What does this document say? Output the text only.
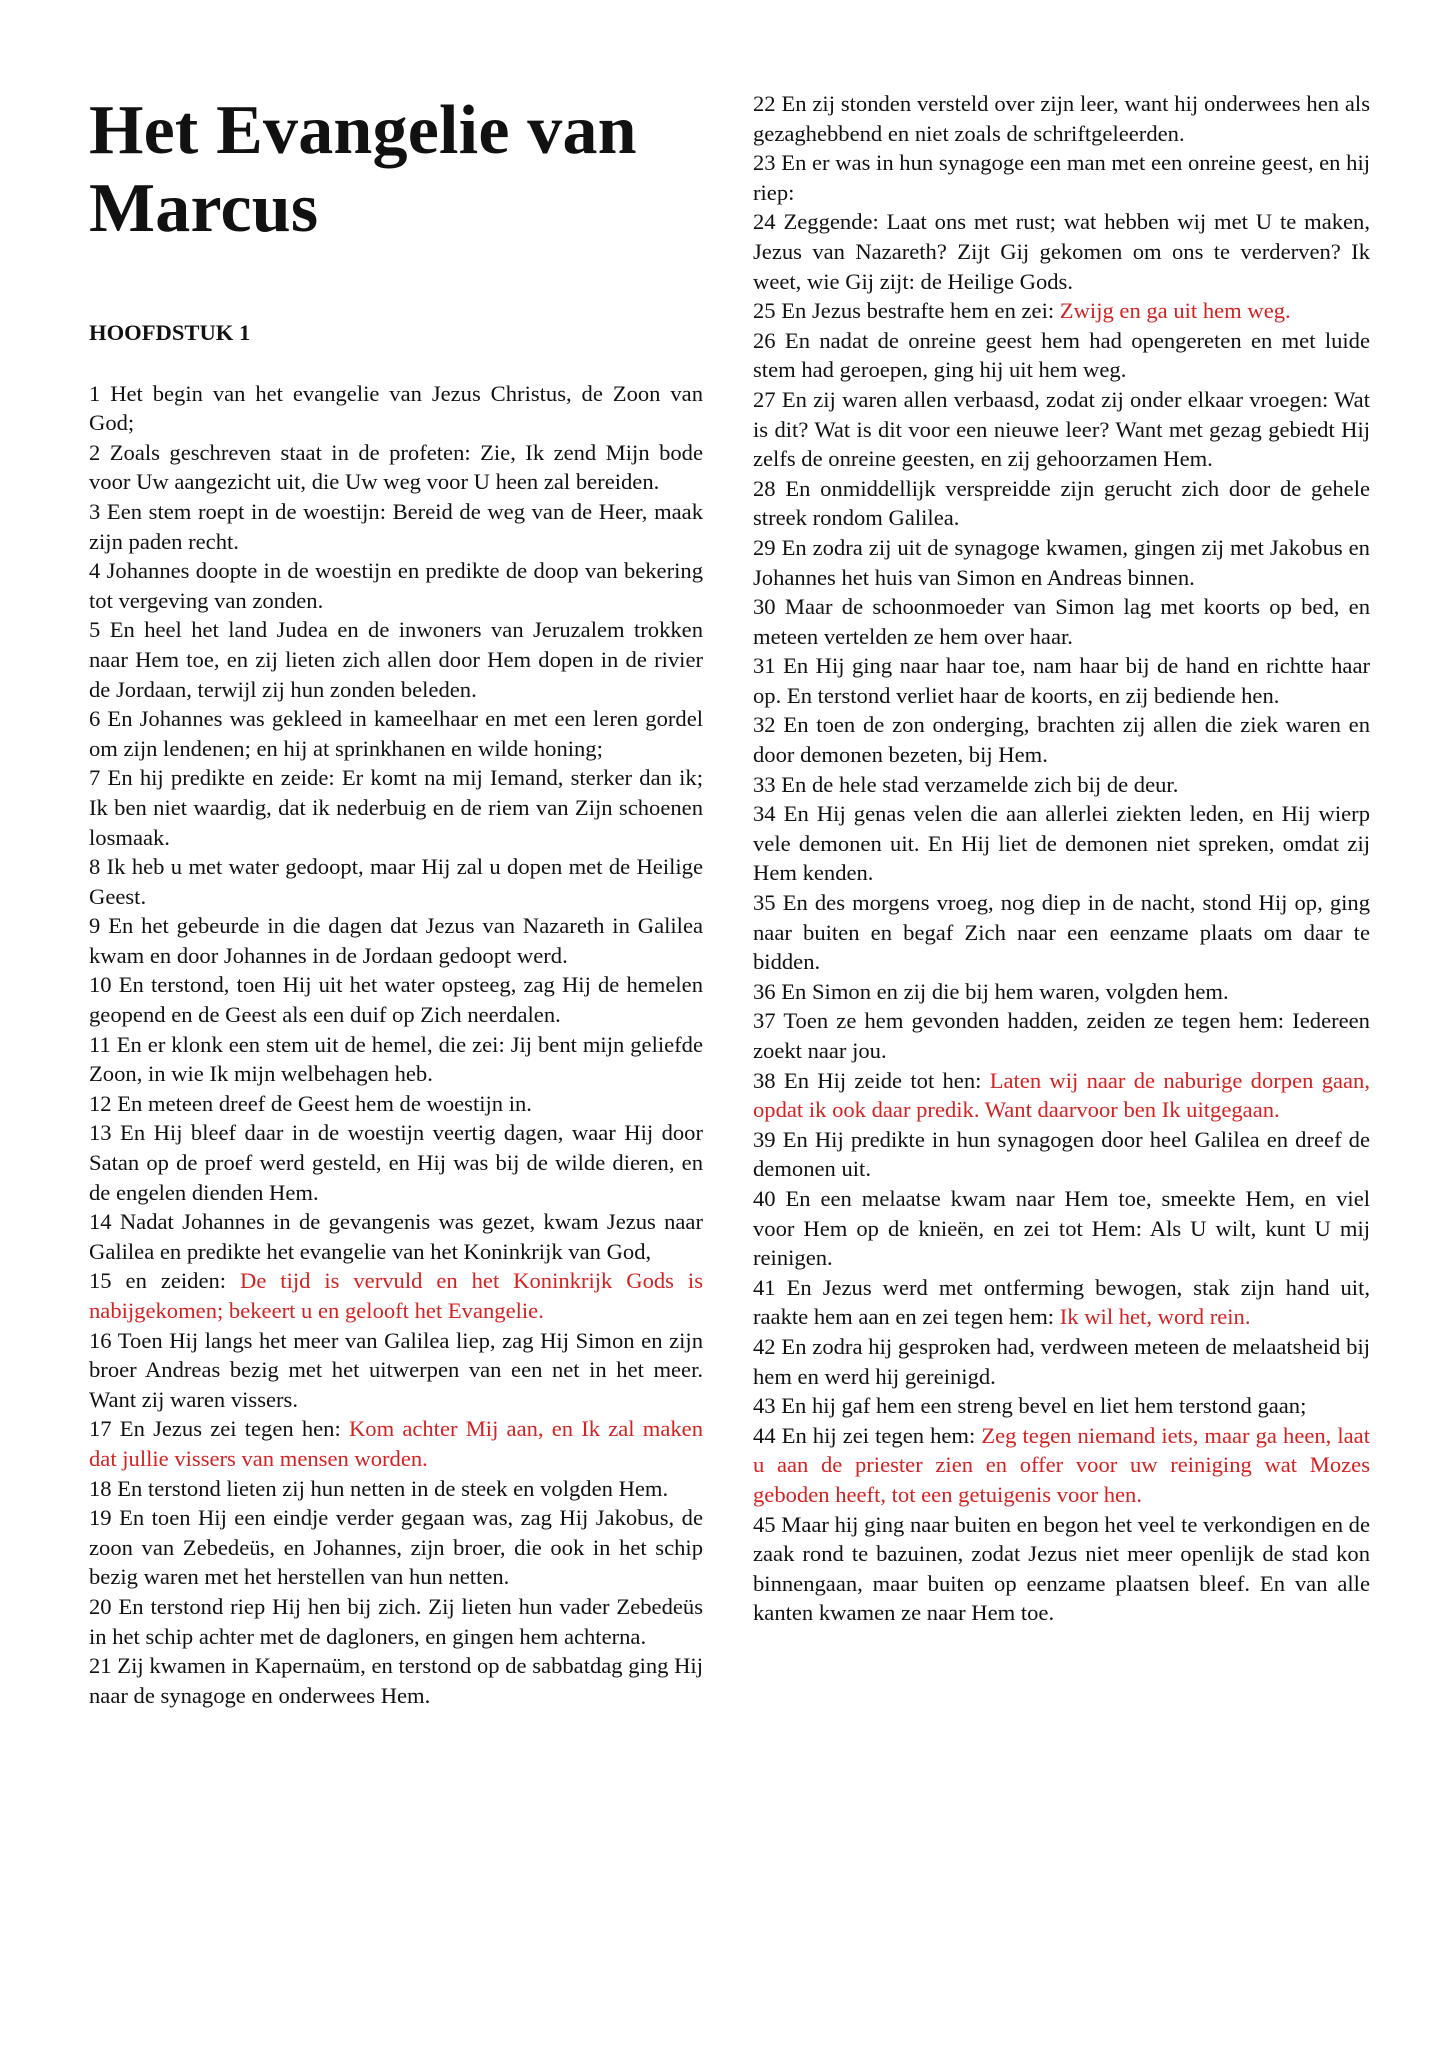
Het Evangelie van Marcus
HOOFDSTUK 1

1 Het begin van het evangelie van Jezus Christus, de Zoon van God;

2 Zoals geschreven staat in de profeten: Zie, Ik zend Mijn bode voor Uw aangezicht uit, die Uw weg voor U heen zal bereiden.

3 Een stem roept in de woestijn: Bereid de weg van de Heer, maak zijn paden recht.

4 Johannes doopte in de woestijn en predikte de doop van bekering tot vergeving van zonden.

5 En heel het land Judea en de inwoners van Jeruzalem trokken naar Hem toe, en zij lieten zich allen door Hem dopen in de rivier de Jordaan, terwijl zij hun zonden beleden.

6 En Johannes was gekleed in kameelhaar en met een leren gordel om zijn lendenen; en hij at sprinkhanen en wilde honing;

7 En hij predikte en zeide: Er komt na mij Iemand, sterker dan ik; Ik ben niet waardig, dat ik nederbuig en de riem van Zijn schoenen losmaak.

8 Ik heb u met water gedoopt, maar Hij zal u dopen met de Heilige Geest.

9 En het gebeurde in die dagen dat Jezus van Nazareth in Galilea kwam en door Johannes in de Jordaan gedoopt werd.

10 En terstond, toen Hij uit het water opsteeg, zag Hij de hemelen geopend en de Geest als een duif op Zich neerdalen.

11 En er klonk een stem uit de hemel, die zei: Jij bent mijn geliefde Zoon, in wie Ik mijn welbehagen heb.

12 En meteen dreef de Geest hem de woestijn in.

13 En Hij bleef daar in de woestijn veertig dagen, waar Hij door Satan op de proef werd gesteld, en Hij was bij de wilde dieren, en de engelen dienden Hem.

14 Nadat Johannes in de gevangenis was gezet, kwam Jezus naar Galilea en predikte het evangelie van het Koninkrijk van God,

15 en zeiden: De tijd is vervuld en het Koninkrijk Gods is nabijgekomen; bekeert u en gelooft het Evangelie.

16 Toen Hij langs het meer van Galilea liep, zag Hij Simon en zijn broer Andreas bezig met het uitwerpen van een net in het meer. Want zij waren vissers.

17 En Jezus zei tegen hen: Kom achter Mij aan, en Ik zal maken dat jullie vissers van mensen worden.

18 En terstond lieten zij hun netten in de steek en volgden Hem.

19 En toen Hij een eindje verder gegaan was, zag Hij Jakobus, de zoon van Zebedeüs, en Johannes, zijn broer, die ook in het schip bezig waren met het herstellen van hun netten.

20 En terstond riep Hij hen bij zich. Zij lieten hun vader Zebedeüs in het schip achter met de dagloners, en gingen hem achterna.

21 Zij kwamen in Kapernaüm, en terstond op de sabbatdag ging Hij naar de synagoge en onderwees Hem.

22 En zij stonden versteld over zijn leer, want hij onderwees hen als gezaghebbend en niet zoals de schriftgeleerden.

23 En er was in hun synagoge een man met een onreine geest, en hij riep:

24 Zeggende: Laat ons met rust; wat hebben wij met U te maken, Jezus van Nazareth? Zijt Gij gekomen om ons te verderven? Ik weet, wie Gij zijt: de Heilige Gods.

25 En Jezus bestrafte hem en zei: Zwijg en ga uit hem weg.

26 En nadat de onreine geest hem had opengereten en met luide stem had geroepen, ging hij uit hem weg.

27 En zij waren allen verbaasd, zodat zij onder elkaar vroegen: Wat is dit? Wat is dit voor een nieuwe leer? Want met gezag gebiedt Hij zelfs de onreine geesten, en zij gehoorzamen Hem.

28 En onmiddellijk verspreidde zijn gerucht zich door de gehele streek rondom Galilea.

29 En zodra zij uit de synagoge kwamen, gingen zij met Jakobus en Johannes het huis van Simon en Andreas binnen.

30 Maar de schoonmoeder van Simon lag met koorts op bed, en meteen vertelden ze hem over haar.

31 En Hij ging naar haar toe, nam haar bij de hand en richtte haar op. En terstond verliet haar de koorts, en zij bediende hen.

32 En toen de zon onderging, brachten zij allen die ziek waren en door demonen bezeten, bij Hem.

33 En de hele stad verzamelde zich bij de deur.

34 En Hij genas velen die aan allerlei ziekten leden, en Hij wierp vele demonen uit. En Hij liet de demonen niet spreken, omdat zij Hem kenden.

35 En des morgens vroeg, nog diep in de nacht, stond Hij op, ging naar buiten en begaf Zich naar een eenzame plaats om daar te bidden.

36 En Simon en zij die bij hem waren, volgden hem.

37 Toen ze hem gevonden hadden, zeiden ze tegen hem: Iedereen zoekt naar jou.

38 En Hij zeide tot hen: Laten wij naar de naburige dorpen gaan, opdat ik ook daar predik. Want daarvoor ben Ik uitgegaan.

39 En Hij predikte in hun synagogen door heel Galilea en dreef de demonen uit.

40 En een melaatse kwam naar Hem toe, smeekte Hem, en viel voor Hem op de knieën, en zei tot Hem: Als U wilt, kunt U mij reinigen.

41 En Jezus werd met ontferming bewogen, stak zijn hand uit, raakte hem aan en zei tegen hem: Ik wil het, word rein.

42 En zodra hij gesproken had, verdween meteen de melaatsheid bij hem en werd hij gereinigd.

43 En hij gaf hem een streng bevel en liet hem terstond gaan;

44 En hij zei tegen hem: Zeg tegen niemand iets, maar ga heen, laat u aan de priester zien en offer voor uw reiniging wat Mozes geboden heeft, tot een getuigenis voor hen.

45 Maar hij ging naar buiten en begon het veel te verkondigen en de zaak rond te bazuinen, zodat Jezus niet meer openlijk de stad kon binnengaan, maar buiten op eenzame plaatsen bleef. En van alle kanten kwamen ze naar Hem toe.
